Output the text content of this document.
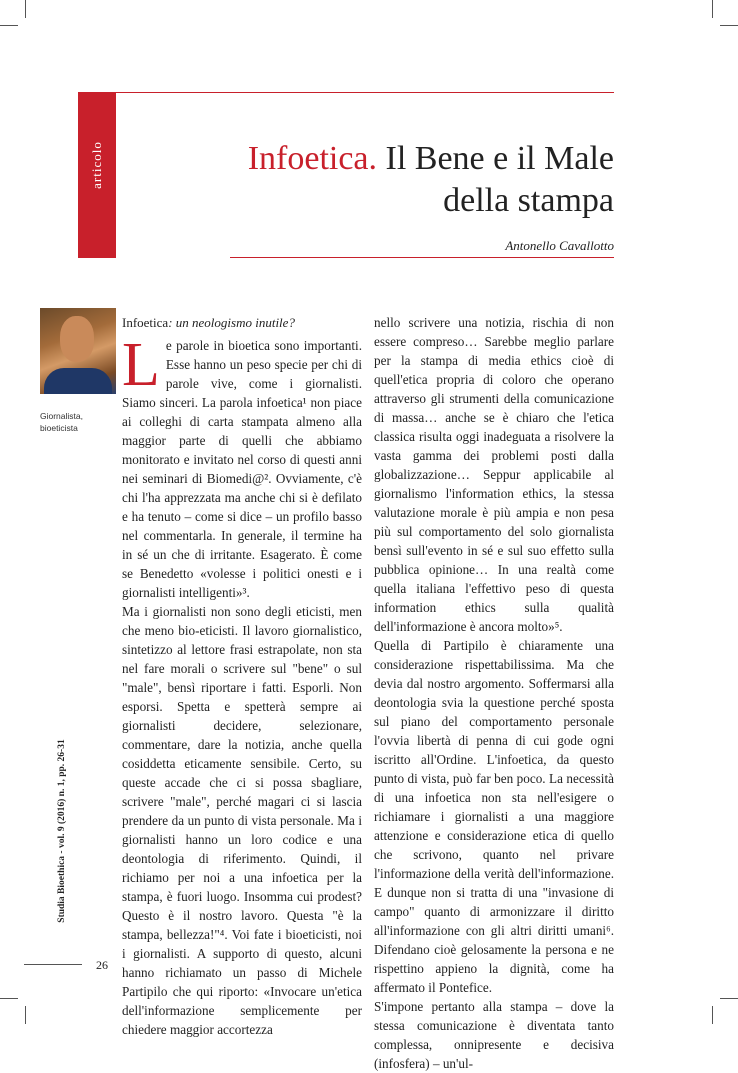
articolo	Infoetica. Il Bene e il Male
della stampa
Antonello Cavallotto
Giornalista,
bioeticista
Studia Bioethica - vol. 9 (2016) n. 1, pp. 26-31

Infoetica: un neologismo inutile?

Le parole in bioetica sono importanti. Esse hanno un peso specie per chi di parole vive, come i giornalisti. Siamo sinceri. La parola infoetica¹ non piace ai colleghi di carta stampata almeno alla maggior parte di quelli che abbiamo monitorato e invitato nel corso di questi anni nei seminari di Biomedi@². Ovviamente, c'è chi l'ha apprezzata ma anche chi si è defilato e ha tenuto – come si dice – un profilo basso nel commentarla. In generale, il termine ha in sé un che di irritante. Esagerato. È come se Benedetto «volesse i politici onesti e i giornalisti intelligenti»³.

Ma i giornalisti non sono degli eticisti, men che meno bio-eticisti. Il lavoro giornalistico, sintetizzo al lettore frasi estrapolate, non sta nel fare morali o scrivere sul "bene" o sul "male", bensì riportare i fatti. Esporli. Non esporsi. Spetta e spetterà sempre ai giornalisti decidere, selezionare, commentare, dare la notizia, anche quella cosiddetta eticamente sensibile. Certo, su queste accade che ci si possa sbagliare, scrivere "male", perché magari ci si lascia prendere da un punto di vista personale. Ma i giornalisti hanno un loro codice e una deontologia di riferimento. Quindi, il richiamo per noi a una infoetica per la stampa, è fuori luogo. Insomma cui prodest? Questo è il nostro lavoro. Questa "è la stampa, bellezza!"⁴. Voi fate i bioeticisti, noi i giornalisti. A supporto di questo, alcuni hanno richiamato un passo di Michele Partipilo che qui riporto: «Invocare un'etica dell'informazione semplicemente per chiedere maggior accortezza

nello scrivere una notizia, rischia di non essere compreso… Sarebbe meglio parlare per la stampa di media ethics cioè di quell'etica propria di coloro che operano attraverso gli strumenti della comunicazione di massa… anche se è chiaro che l'etica classica risulta oggi inadeguata a risolvere la vasta gamma dei problemi posti dalla globalizzazione… Seppur applicabile al giornalismo l'information ethics, la stessa valutazione morale è più ampia e non pesa più sul comportamento del solo giornalista bensì sull'evento in sé e sul suo effetto sulla pubblica opinione… In una realtà come quella italiana l'effettivo peso di questa information ethics sulla qualità dell'informazione è ancora molto»⁵.

Quella di Partipilo è chiaramente una considerazione rispettabilissima. Ma che devia dal nostro argomento. Soffermarsi alla deontologia svia la questione perché sposta sul piano del comportamento personale l'ovvia libertà di penna di cui gode ogni iscritto all'Ordine. L'infoetica, da questo punto di vista, può far ben poco. La necessità di una infoetica non sta nell'esigere o richiamare i giornalisti a una maggiore attenzione e considerazione etica di quello che scrivono, quanto nel privare l'informazione della verità dell'informazione. E dunque non si tratta di una "invasione di campo" quanto di armonizzare il diritto all'informazione con gli altri diritti umani⁶. Difendano cioè gelosamente la persona e ne rispettino appieno la dignità, come ha affermato il Pontefice.

S'impone pertanto alla stampa – dove la stessa comunicazione è diventata tanto complessa, onnipresente e decisiva (infosfera) – un'ul-

26
